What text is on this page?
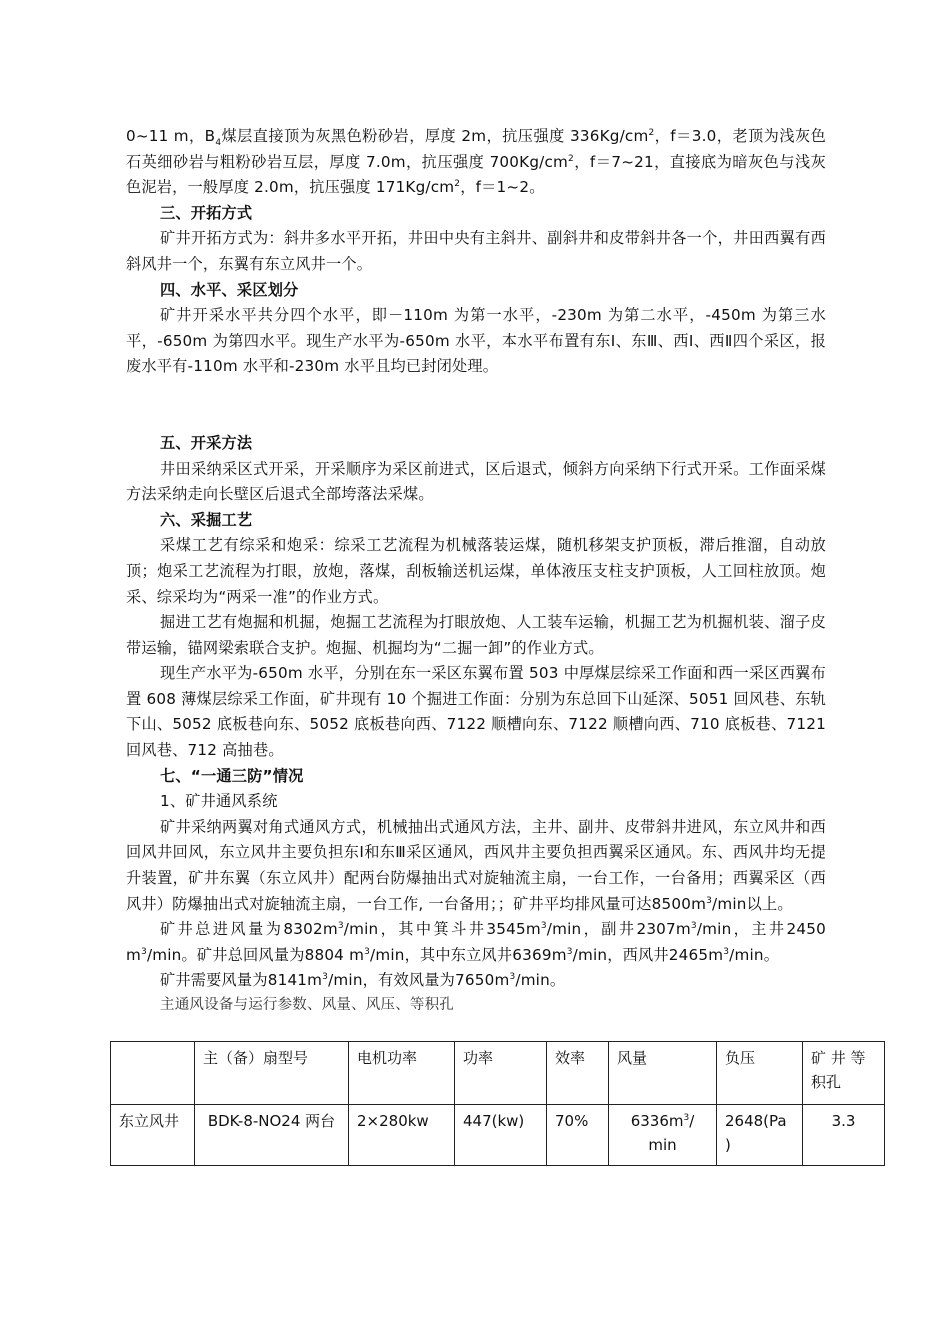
0~11 m，$B_4$煤层直接顶为灰黑色粉砂岩，厚度 2m，抗压强度 $336Kg/cm^2$，f＝3.0，老顶为浅灰色石英细砂岩与粗粉砂岩互层，厚度 7.0m，抗压强度 $700Kg/cm^2$，f＝7~21，直接底为暗灰色与浅灰色泥岩，一般厚度 2.0m，抗压强度 $171Kg/cm^2$，f＝1~2。

三、开拓方式

矿井开拓方式为：斜井多水平开拓，井田中央有主斜井、副斜井和皮带斜井各一个，井田西翼有西斜风井一个，东翼有东立风井一个。

四、水平、采区划分

矿井开采水平共分四个水平，即－110m 为第一水平，-230m 为第二水平，-450m 为第三水平，-650m 为第四水平。现生产水平为-650m 水平，本水平布置有东Ⅰ、东Ⅲ、西Ⅰ、西Ⅱ四个采区，报废水平有-110m 水平和-230m 水平且均已封闭处理。

五、开采方法

井田采纳采区式开采，开采顺序为采区前进式，区后退式，倾斜方向采纳下行式开采。工作面采煤方法采纳走向长壁区后退式全部垮落法采煤。

六、采掘工艺

采煤工艺有综采和炮采：综采工艺流程为机械落装运煤，随机移架支护顶板，滞后推溜，自动放顶；炮采工艺流程为打眼，放炮，落煤，刮板输送机运煤，单体液压支柱支护顶板，人工回柱放顶。炮采、综采均为“两采一准”的作业方式。

掘进工艺有炮掘和机掘，炮掘工艺流程为打眼放炮、人工装车运输，机掘工艺为机掘机装、溜子皮带运输，锚网梁索联合支护。炮掘、机掘均为“二掘一卸”的作业方式。

现生产水平为-650m 水平，分别在东一采区东翼布置 503 中厚煤层综采工作面和西一采区西翼布置 608 薄煤层综采工作面，矿井现有 10 个掘进工作面：分别为东总回下山延深、5051 回风巷、东轨下山、5052 底板巷向东、5052 底板巷向西、7122 顺槽向东、7122 顺槽向西、710 底板巷、7121 回风巷、712 高抽巷。

七、“一通三防”情况

1、矿井通风系统

矿井采纳两翼对角式通风方式，机械抽出式通风方法，主井、副井、皮带斜井进风，东立风井和西回风井回风，东立风井主要负担东Ⅰ和东Ⅲ采区通风，西风井主要负担西翼采区通风。东、西风井均无提升装置，矿井东翼（东立风井）配两台防爆抽出式对旋轴流主扇，一台工作，一台备用；西翼采区（西风井）防爆抽出式对旋轴流主扇，一台工作, 一台备用；；矿井平均排风量可达$8500m^3/\min$以上。

矿井总进风量为$8302m^3/\min$，其中箕斗井$3545m^3/\min$，副井$2307m^3/\min$，主井2450 $m^3/\min$。矿井总回风量为8804 $m^3/\min$，其中东立风井$6369m^3/\min$，西风井$2465m^3/\min$。

矿井需要风量为$8141m^3/\min$，有效风量为$7650m^3/\min$。

主通风设备与运行参数、风量、风压、等积孔

	主（备）扇型号	电机功率	功率	效率	风量	负压	矿 井 等积孔
东立风井	BDK-8-NO24 两台	2×280kw	447(kw)	70%	$6336m^3/$ min	2648(Pa )	3.3
